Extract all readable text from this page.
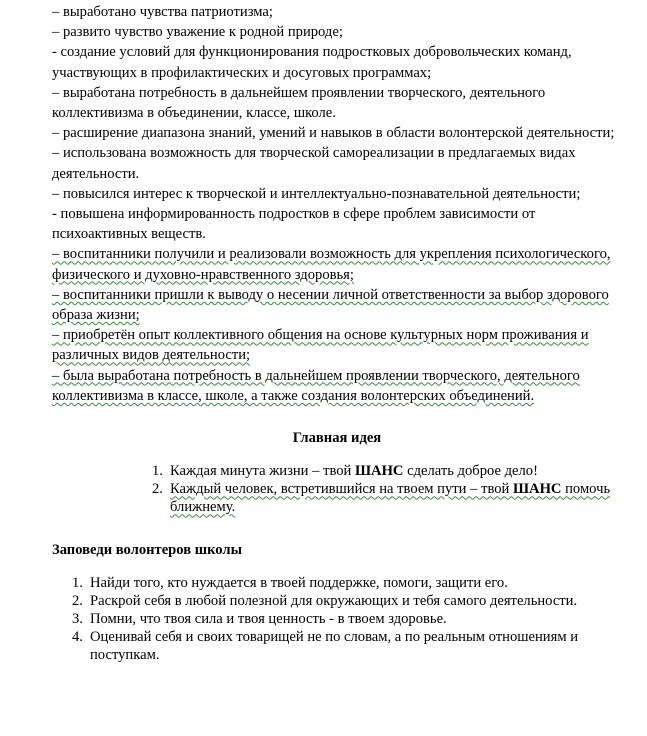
– выработано чувства патриотизма;

– развито чувство уважение к родной природе;

- создание условий для функционирования подростковых добровольческих команд, участвующих в профилактических и досуговых программах;

– выработана потребность в дальнейшем проявлении творческого, деятельного коллективизма в объединении, классе, школе.

– расширение диапазона знаний, умений и навыков в области волонтерской деятельности;

– использована возможность для творческой самореализации в предлагаемых видах деятельности.

– повысился интерес к творческой и интеллектуально-познавательной деятельности;

- повышена информированность подростков в сфере проблем зависимости от психоактивных веществ.

– воспитанники получили и реализовали возможность для укрепления психологического, физического и духовно-нравственного здоровья;

– воспитанники пришли к выводу о несении личной ответственности за выбор здорового образа жизни;

– приобретён опыт коллективного общения на основе культурных норм проживания и различных видов деятельности;

– была выработана потребность в дальнейшем проявлении творческого, деятельного коллективизма в классе, школе, а также создания волонтерских объединений.

Главная идея

1. Каждая минута жизни – твой ШАНС сделать доброе дело!
2. Каждый человек, встретившийся на твоем пути – твой ШАНС помочь ближнему.

Заповеди волонтеров школы

1. Найди того, кто нуждается в твоей поддержке, помоги, защити его.
2. Раскрой себя в любой полезной для окружающих и тебя самого деятельности.
3. Помни, что твоя сила и твоя ценность - в твоем здоровье.
4. Оценивай себя и своих товарищей не по словам, а по реальным отношениям и поступкам.
